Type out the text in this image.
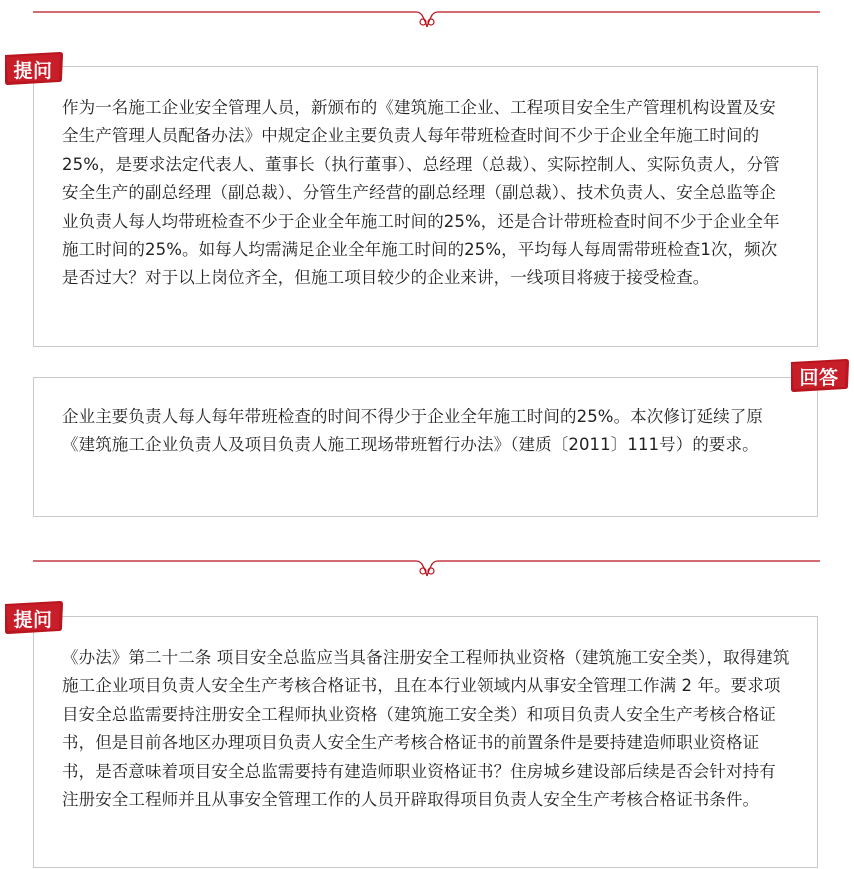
作为一名施工企业安全管理人员，新颁布的《建筑施工企业、工程项目安全生产管理机构设置及安全生产管理人员配备办法》中规定企业主要负责人每年带班检查时间不少于企业全年施工时间的25%，是要求法定代表人、董事长（执行董事）、总经理（总裁）、实际控制人、实际负责人，分管安全生产的副总经理（副总裁）、分管生产经营的副总经理（副总裁）、技术负责人、安全总监等企业负责人每人均带班检查不少于企业全年施工时间的25%，还是合计带班检查时间不少于企业全年施工时间的25%。如每人均需满足企业全年施工时间的25%，平均每人每周需带班检查1次，频次是否过大？对于以上岗位齐全，但施工项目较少的企业来讲，一线项目将疲于接受检查。

提问

企业主要负责人每人每年带班检查的时间不得少于企业全年施工时间的25%。本次修订延续了原《建筑施工企业负责人及项目负责人施工现场带班暂行办法》（建质〔2011〕111号）的要求。

回答

《办法》第二十二条 项目安全总监应当具备注册安全工程师执业资格（建筑施工安全类），取得建筑施工企业项目负责人安全生产考核合格证书，且在本行业领域内从事安全管理工作满 2 年。要求项目安全总监需要持注册安全工程师执业资格（建筑施工安全类）和项目负责人安全生产考核合格证书，但是目前各地区办理项目负责人安全生产考核合格证书的前置条件是要持建造师职业资格证书，是否意味着项目安全总监需要持有建造师职业资格证书？住房城乡建设部后续是否会针对持有注册安全工程师并且从事安全管理工作的人员开辟取得项目负责人安全生产考核合格证书条件。

提问
